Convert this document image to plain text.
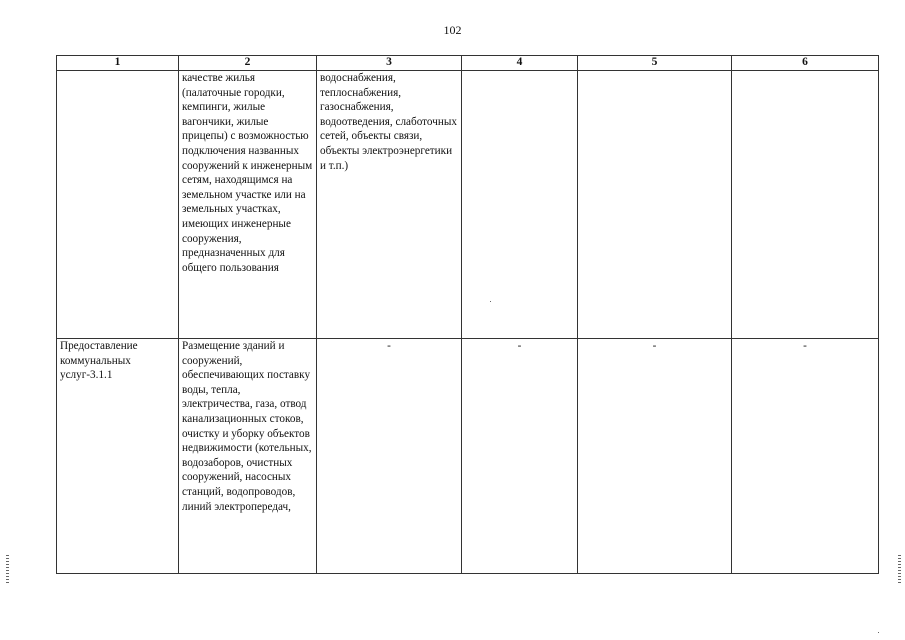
102
1	2	3	4	5	6
	качестве жилья (палаточные городки, кемпинги, жилые вагончики, жилые прицепы) с возможностью подключения названных сооружений к инженерным сетям, находящимся на земельном участке или на земельных участках, имеющих инженерные сооружения, предназначенных для общего пользования	водоснабжения, теплоснабжения, газоснабжения, водоотведения, слаботочных сетей, объекты связи, объекты электроэнергетики и т.п.)			
Предоставление коммунальных услуг-3.1.1	Размещение зданий и сооружений, обеспечивающих поставку воды, тепла, электричества, газа, отвод канализационных стоков, очистку и уборку объектов недвижимости (котельных, водозаборов, очистных сооружений, насосных станций, водопроводов, линий электропередач,	-	-	-	-
